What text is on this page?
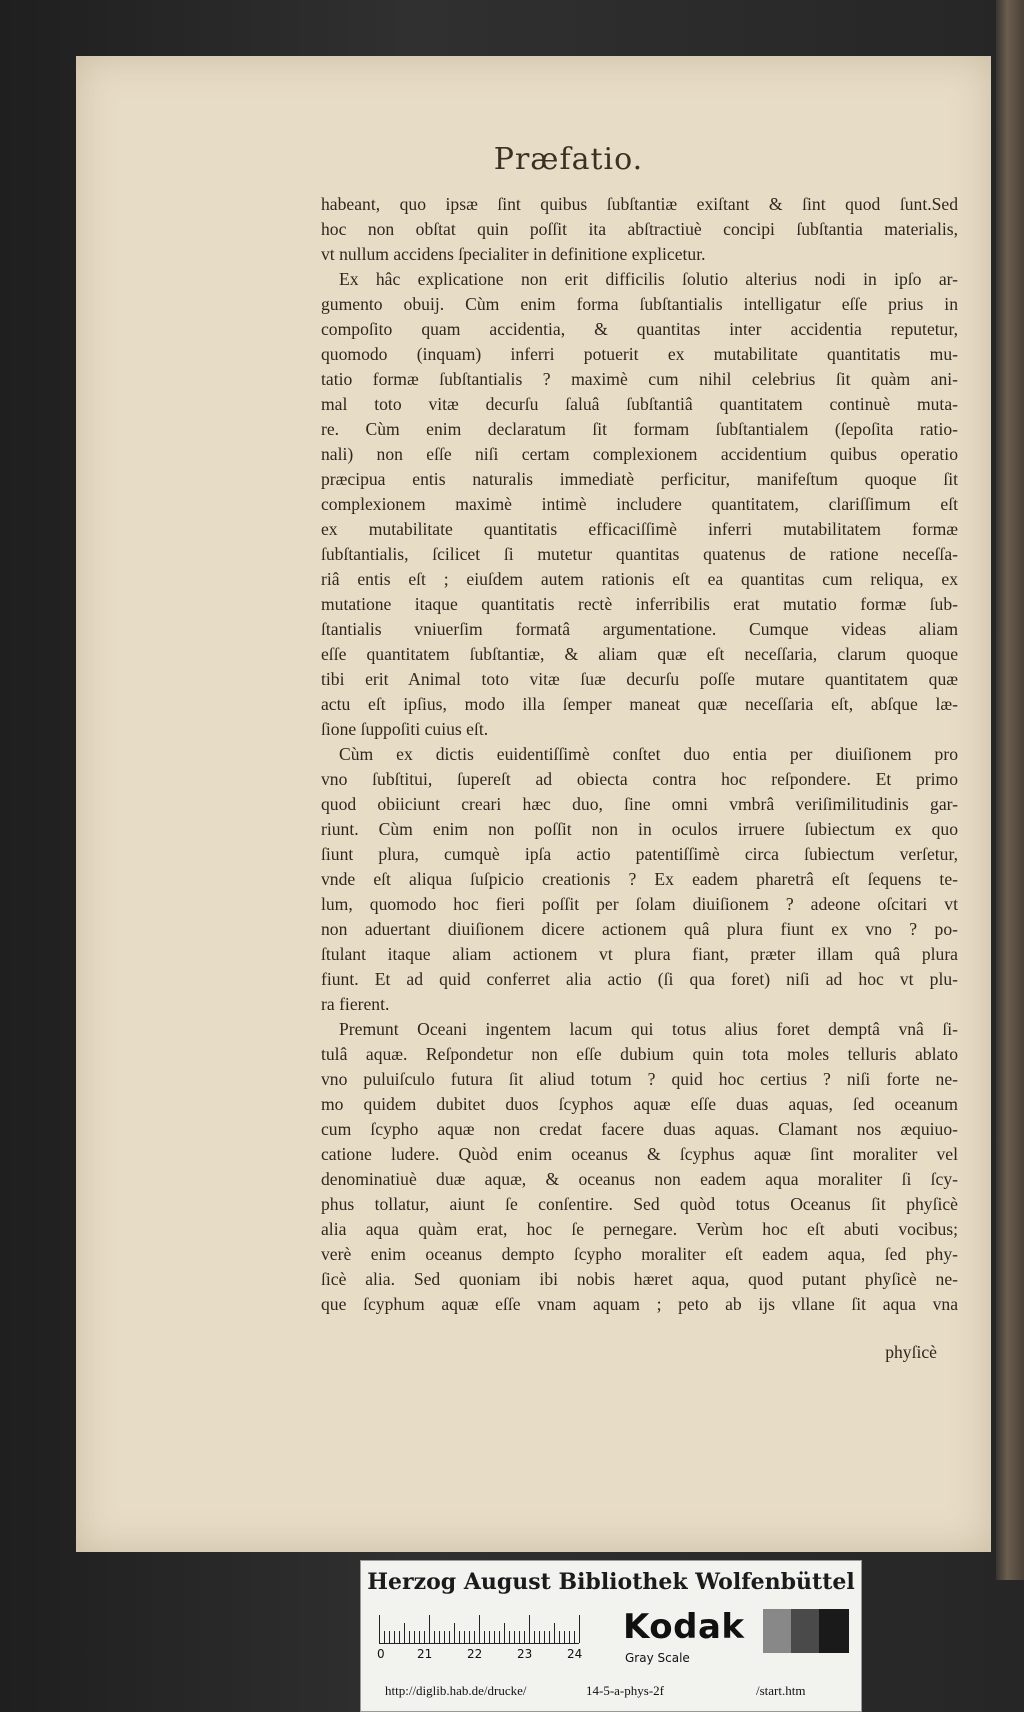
Præfatio.
habeant, quo ipsæ ſint quibus ſubſtantiæ exiſtant & ſint quod ſunt.Sed
hoc non obſtat quin poſſit ita abſtractiuè concipi ſubſtantia materialis,
vt nullum accidens ſpecialiter in definitione explicetur.
Ex hâc explicatione non erit difficilis ſolutio alterius nodi in ipſo ar-
gumento obuij. Cùm enim forma ſubſtantialis intelligatur eſſe prius in
compoſito quam accidentia, & quantitas inter accidentia reputetur,
quomodo (inquam) inferri potuerit ex mutabilitate quantitatis mu-
tatio formæ ſubſtantialis ? maximè cum nihil celebrius ſit quàm ani-
mal toto vitæ decurſu ſaluâ ſubſtantiâ quantitatem continuè muta-
re. Cùm enim declaratum ſit formam ſubſtantialem (ſepoſita ratio-
nali) non eſſe niſi certam complexionem accidentium quibus operatio
præcipua entis naturalis immediatè perficitur, manifeſtum quoque ſit
complexionem maximè intimè includere quantitatem, clariſſimum eſt
ex mutabilitate quantitatis efficaciſſimè inferri mutabilitatem formæ
ſubſtantialis, ſcilicet ſi mutetur quantitas quatenus de ratione neceſſa-
riâ entis eſt ; eiuſdem autem rationis eſt ea quantitas cum reliqua, ex
mutatione itaque quantitatis rectè inferribilis erat mutatio formæ ſub-
ſtantialis vniuerſim formatâ argumentatione. Cumque videas aliam
eſſe quantitatem ſubſtantiæ, & aliam quæ eſt neceſſaria, clarum quoque
tibi erit Animal toto vitæ ſuæ decurſu poſſe mutare quantitatem quæ
actu eſt ipſius, modo illa ſemper maneat quæ neceſſaria eſt, abſque læ-
ſione ſuppoſiti cuius eſt.
Cùm ex dictis euidentiſſimè conſtet duo entia per diuiſionem pro
vno ſubſtitui, ſupereſt ad obiecta contra hoc reſpondere. Et primo
quod obiiciunt creari hæc duo, ſine omni vmbrâ veriſimilitudinis gar-
riunt. Cùm enim non poſſit non in oculos irruere ſubiectum ex quo
ſiunt plura, cumquè ipſa actio patentiſſimè circa ſubiectum verſetur,
vnde eſt aliqua ſuſpicio creationis ? Ex eadem pharetrâ eſt ſequens te-
lum, quomodo hoc fieri poſſit per ſolam diuiſionem ? adeone oſcitari vt
non aduertant diuiſionem dicere actionem quâ plura fiunt ex vno ? po-
ſtulant itaque aliam actionem vt plura fiant, præter illam quâ plura
fiunt. Et ad quid conferret alia actio (ſi qua foret) niſi ad hoc vt plu-
ra fierent.
Premunt Oceani ingentem lacum qui totus alius foret demptâ vnâ ſi-
tulâ aquæ. Reſpondetur non eſſe dubium quin tota moles telluris ablato
vno puluiſculo futura ſit aliud totum ? quid hoc certius ? niſi forte ne-
mo quidem dubitet duos ſcyphos aquæ eſſe duas aquas, ſed oceanum
cum ſcypho aquæ non credat facere duas aquas. Clamant nos æquiuo-
catione ludere. Quòd enim oceanus & ſcyphus aquæ ſint moraliter vel
denominatiuè duæ aquæ, & oceanus non eadem aqua moraliter ſi ſcy-
phus tollatur, aiunt ſe conſentire. Sed quòd totus Oceanus ſit phyſicè
alia aqua quàm erat, hoc ſe pernegare. Verùm hoc eſt abuti vocibus;
verè enim oceanus dempto ſcypho moraliter eſt eadem aqua, ſed phy-
ſicè alia. Sed quoniam ibi nobis hæret aqua, quod putant phyſicè ne-
que ſcyphum aquæ eſſe vnam aquam ; peto ab ijs vllane ſit aqua vna
phyſicè
Herzog August Bibliothek Wolfenbüttel
0	21	22	23	24
Kodak
Gray Scale
http://diglib.hab.de/drucke/	14-5-a-phys-2f	/start.htm
